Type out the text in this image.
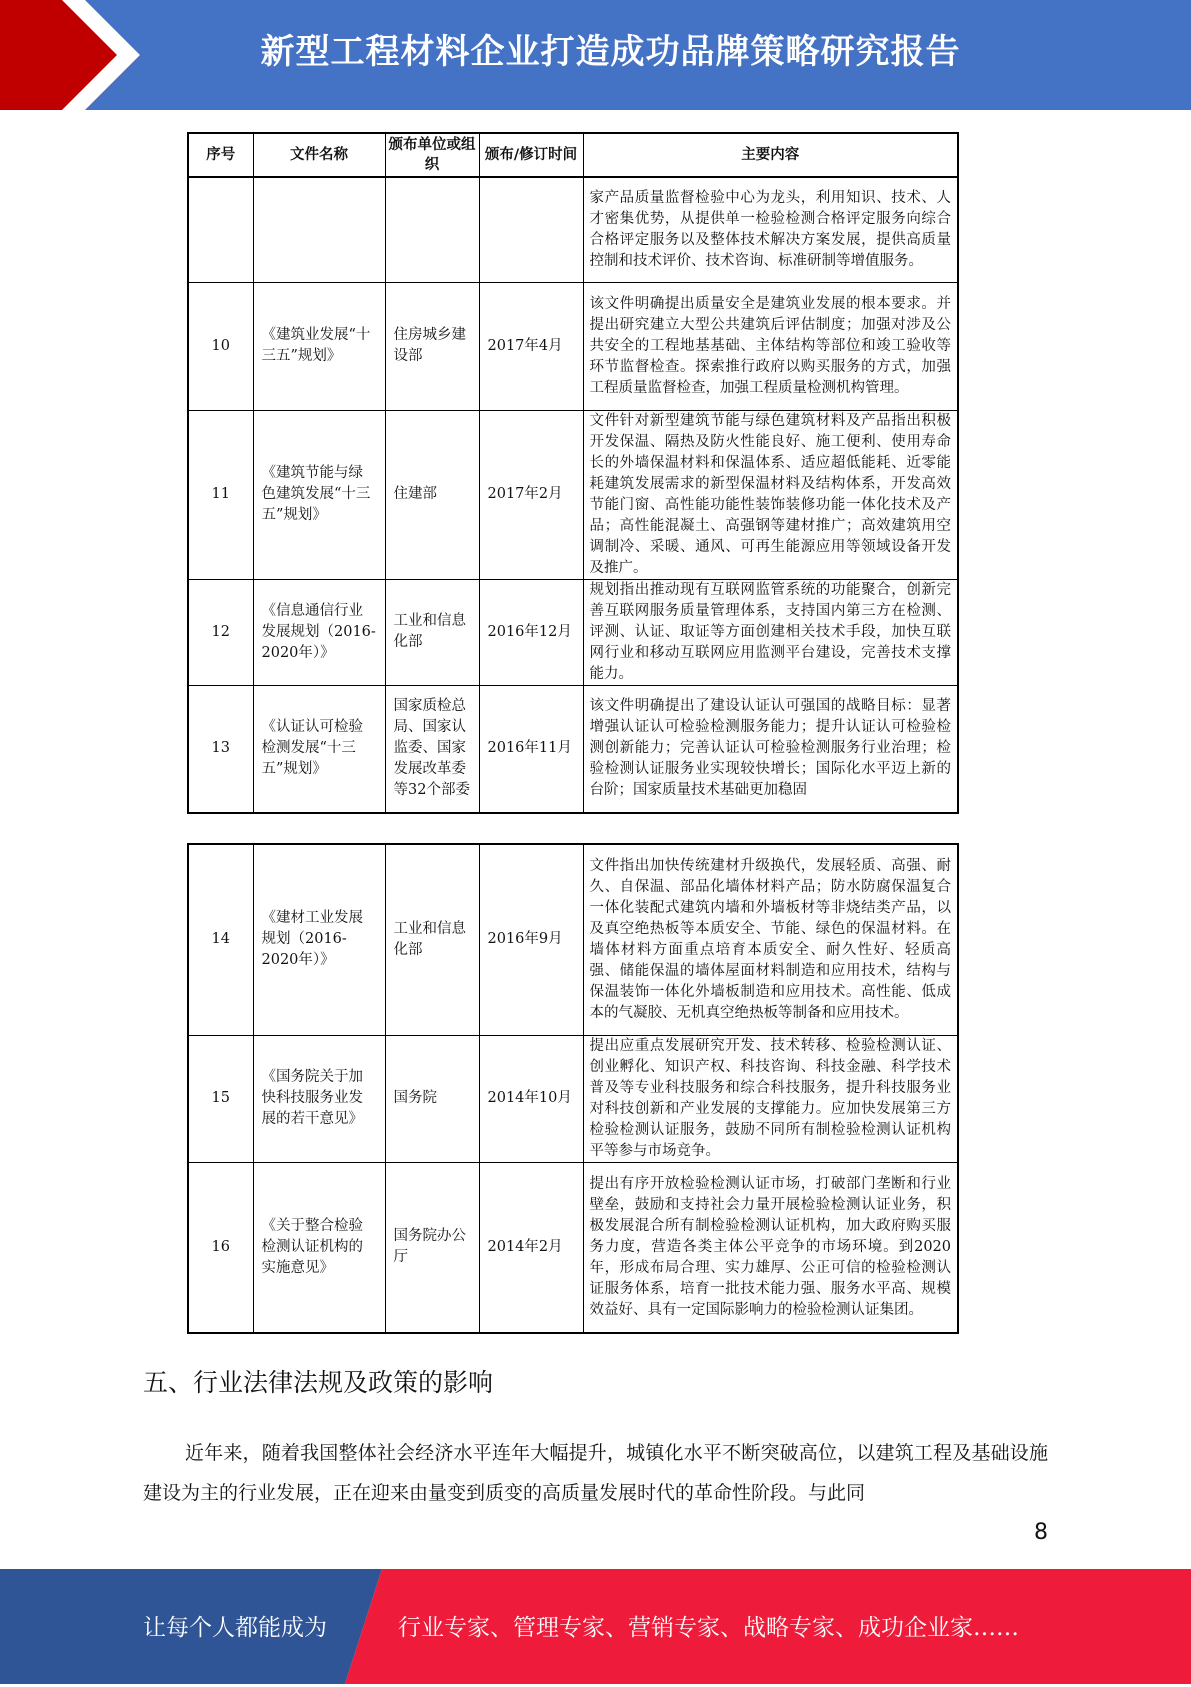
新型工程材料企业打造成功品牌策略研究报告
序号	文件名称	颁布单位或组织	颁布/修订时间	主要内容
				家产品质量监督检验中心为龙头，利用知识、技术、人才密集优势，从提供单一检验检测合格评定服务向综合合格评定服务以及整体技术解决方案发展，提供高质量控制和技术评价、技术咨询、标准研制等增值服务。
10	《建筑业发展“十三五”规划》	住房城乡建设部	2017年4月	该文件明确提出质量安全是建筑业发展的根本要求。并提出研究建立大型公共建筑后评估制度；加强对涉及公共安全的工程地基基础、主体结构等部位和竣工验收等环节监督检查。探索推行政府以购买服务的方式，加强工程质量监督检查，加强工程质量检测机构管理。
11	《建筑节能与绿色建筑发展“十三五”规划》	住建部	2017年2月	文件针对新型建筑节能与绿色建筑材料及产品指出积极开发保温、隔热及防火性能良好、施工便利、使用寿命长的外墙保温材料和保温体系、适应超低能耗、近零能耗建筑发展需求的新型保温材料及结构体系，开发高效节能门窗、高性能功能性装饰装修功能一体化技术及产品；高性能混凝土、高强钢等建材推广；高效建筑用空调制冷、采暖、通风、可再生能源应用等领域设备开发及推广。
12	《信息通信行业发展规划（2016-2020年）》	工业和信息化部	2016年12月	规划指出推动现有互联网监管系统的功能聚合，创新完善互联网服务质量管理体系，支持国内第三方在检测、评测、认证、取证等方面创建相关技术手段，加快互联网行业和移动互联网应用监测平台建设，完善技术支撑能力。
13	《认证认可检验检测发展“十三五”规划》	国家质检总局、国家认监委、国家发展改革委等32个部委	2016年11月	该文件明确提出了建设认证认可强国的战略目标：显著增强认证认可检验检测服务能力；提升认证认可检验检测创新能力；完善认证认可检验检测服务行业治理；检验检测认证服务业实现较快增长；国际化水平迈上新的台阶；国家质量技术基础更加稳固
14	《建材工业发展规划（2016-2020年）》	工业和信息化部	2016年9月	文件指出加快传统建材升级换代，发展轻质、高强、耐久、自保温、部品化墙体材料产品；防水防腐保温复合一体化装配式建筑内墙和外墙板材等非烧结类产品，以及真空绝热板等本质安全、节能、绿色的保温材料。在墙体材料方面重点培育本质安全、耐久性好、轻质高强、储能保温的墙体屋面材料制造和应用技术，结构与保温装饰一体化外墙板制造和应用技术。高性能、低成本的气凝胶、无机真空绝热板等制备和应用技术。
15	《国务院关于加快科技服务业发展的若干意见》	国务院	2014年10月	提出应重点发展研究开发、技术转移、检验检测认证、创业孵化、知识产权、科技咨询、科技金融、科学技术普及等专业科技服务和综合科技服务，提升科技服务业对科技创新和产业发展的支撑能力。应加快发展第三方检验检测认证服务，鼓励不同所有制检验检测认证机构平等参与市场竞争。
16	《关于整合检验检测认证机构的实施意见》	国务院办公厅	2014年2月	提出有序开放检验检测认证市场，打破部门垄断和行业壁垒，鼓励和支持社会力量开展检验检测认证业务，积极发展混合所有制检验检测认证机构，加大政府购买服务力度，营造各类主体公平竞争的市场环境。到2020年，形成布局合理、实力雄厚、公正可信的检验检测认证服务体系，培育一批技术能力强、服务水平高、规模效益好、具有一定国际影响力的检验检测认证集团。
五、行业法律法规及政策的影响
近年来，随着我国整体社会经济水平连年大幅提升，城镇化水平不断突破高位，以建筑工程及基础设施建设为主的行业发展，正在迎来由量变到质变的高质量发展时代的革命性阶段。与此同
8
让每个人都能成为	行业专家、管理专家、营销专家、战略专家、成功企业家……
